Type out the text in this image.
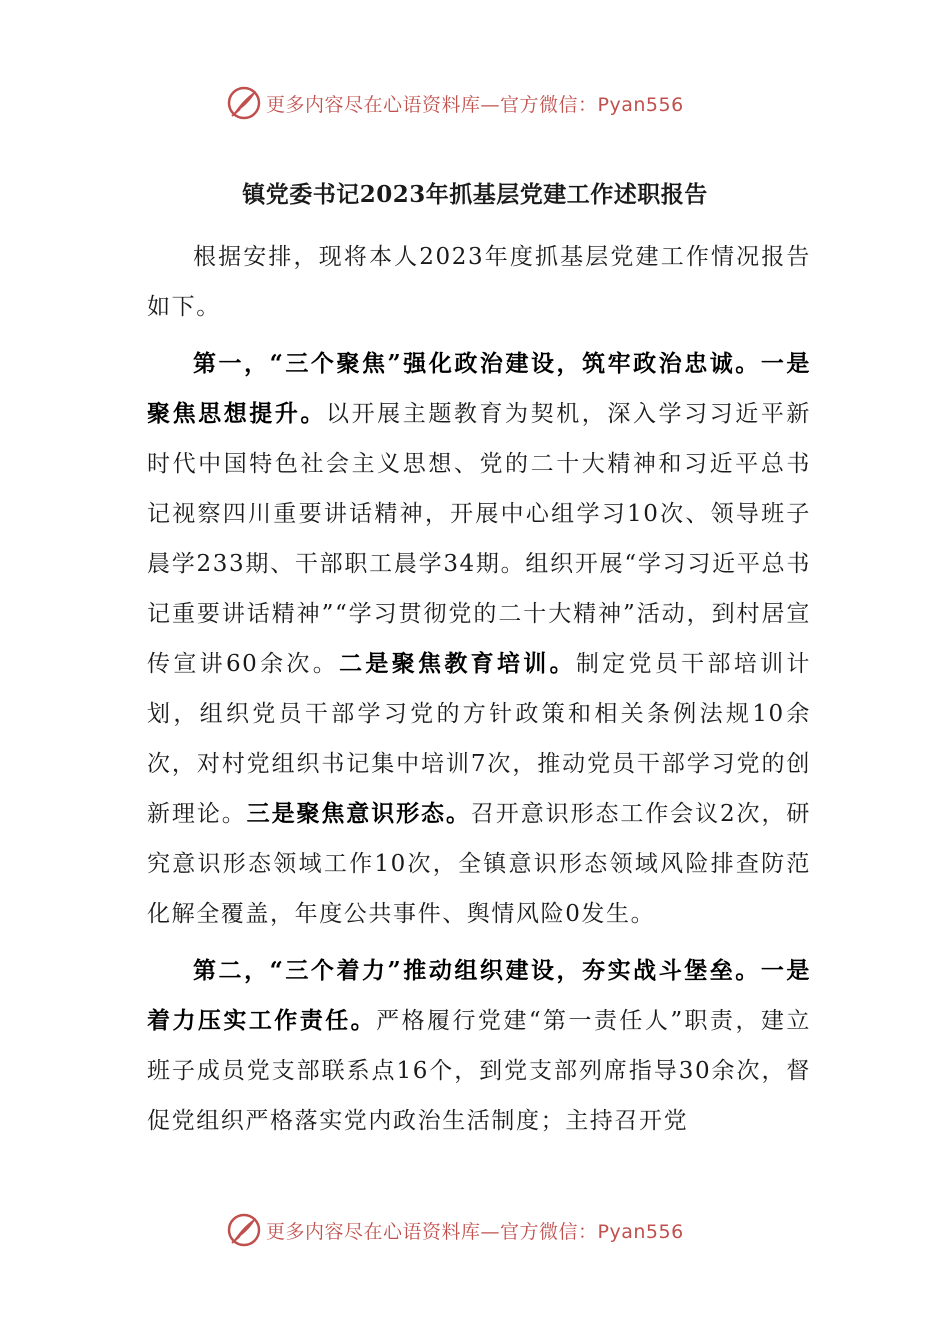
更多内容尽在心语资料库—官方微信：Pyan556
镇党委书记2023年抓基层党建工作述职报告

根据安排，现将本人2023年度抓基层党建工作情况报告如下。

第一，“三个聚焦”强化政治建设，筑牢政治忠诚。一是聚焦思想提升。以开展主题教育为契机，深入学习习近平新时代中国特色社会主义思想、党的二十大精神和习近平总书记视察四川重要讲话精神，开展中心组学习10次、领导班子晨学233期、干部职工晨学34期。组织开展“学习习近平总书记重要讲话精神”“学习贯彻党的二十大精神”活动，到村居宣传宣讲60余次。二是聚焦教育培训。制定党员干部培训计划，组织党员干部学习党的方针政策和相关条例法规10余次，对村党组织书记集中培训7次，推动党员干部学习党的创新理论。三是聚焦意识形态。召开意识形态工作会议2次，研究意识形态领域工作10次，全镇意识形态领域风险排查防范化解全覆盖，年度公共事件、舆情风险0发生。

第二，“三个着力”推动组织建设，夯实战斗堡垒。一是着力压实工作责任。严格履行党建“第一责任人”职责，建立班子成员党支部联系点16个，到党支部列席指导30余次，督促党组织严格落实党内政治生活制度；主持召开党

更多内容尽在心语资料库—官方微信：Pyan556
